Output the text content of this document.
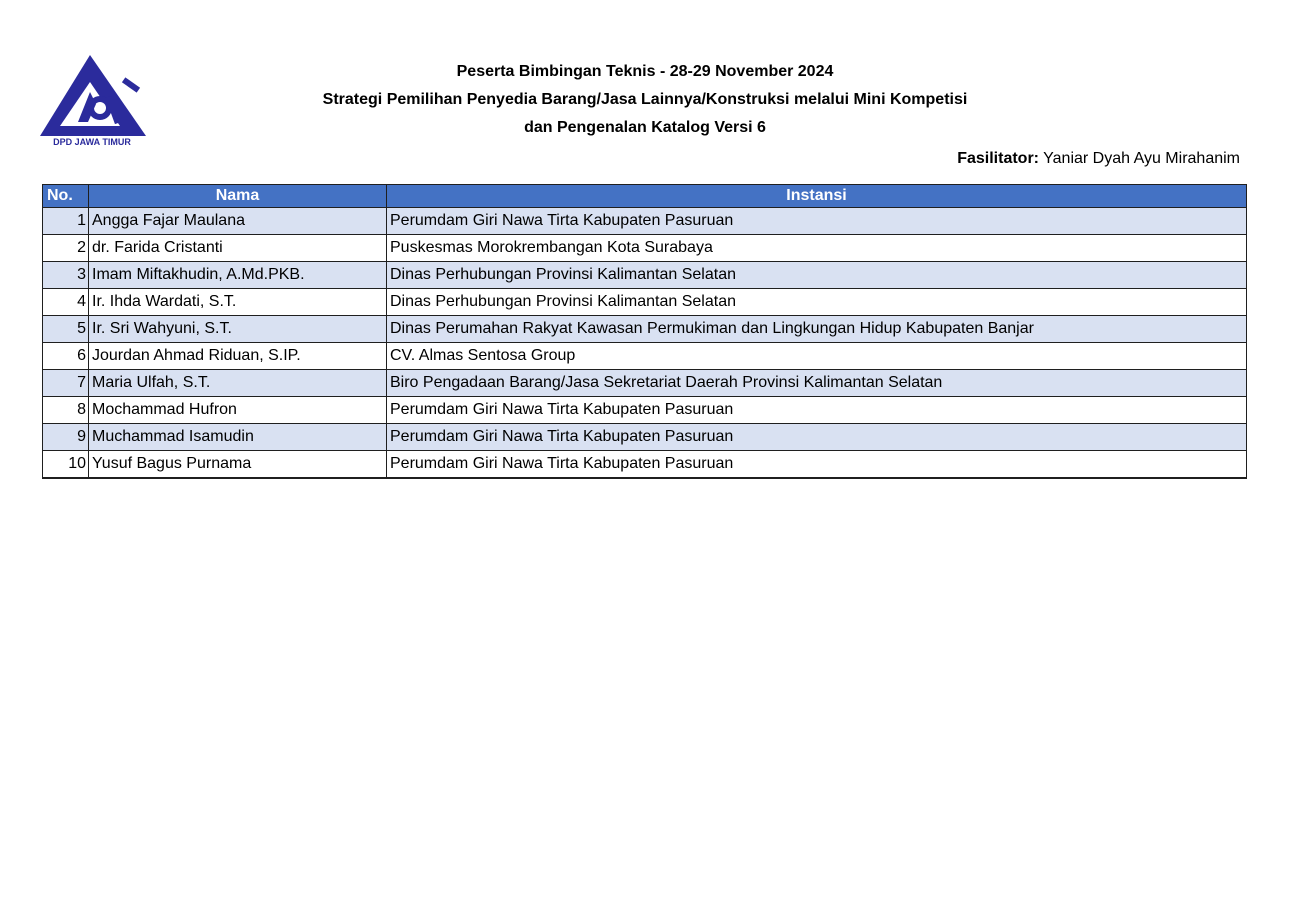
DPD JAWA TIMUR
Peserta Bimbingan Teknis - 28-29 November 2024
Strategi Pemilihan Penyedia Barang/Jasa Lainnya/Konstruksi melalui Mini Kompetisi
dan Pengenalan Katalog Versi 6
Fasilitator: Yaniar Dyah Ayu Mirahanim
No.	Nama	Instansi
1	Angga Fajar Maulana	Perumdam Giri Nawa Tirta Kabupaten Pasuruan
2	dr. Farida Cristanti	Puskesmas Morokrembangan Kota Surabaya
3	Imam Miftakhudin, A.Md.PKB.	Dinas Perhubungan Provinsi Kalimantan Selatan
4	Ir. Ihda Wardati, S.T.	Dinas Perhubungan Provinsi Kalimantan Selatan
5	Ir. Sri Wahyuni, S.T.	Dinas Perumahan Rakyat Kawasan Permukiman dan Lingkungan Hidup Kabupaten Banjar
6	Jourdan Ahmad Riduan, S.IP.	CV. Almas Sentosa Group
7	Maria Ulfah, S.T.	Biro Pengadaan Barang/Jasa Sekretariat Daerah Provinsi Kalimantan Selatan
8	Mochammad Hufron	Perumdam Giri Nawa Tirta Kabupaten Pasuruan
9	Muchammad Isamudin	Perumdam Giri Nawa Tirta Kabupaten Pasuruan
10	Yusuf Bagus Purnama	Perumdam Giri Nawa Tirta Kabupaten Pasuruan
